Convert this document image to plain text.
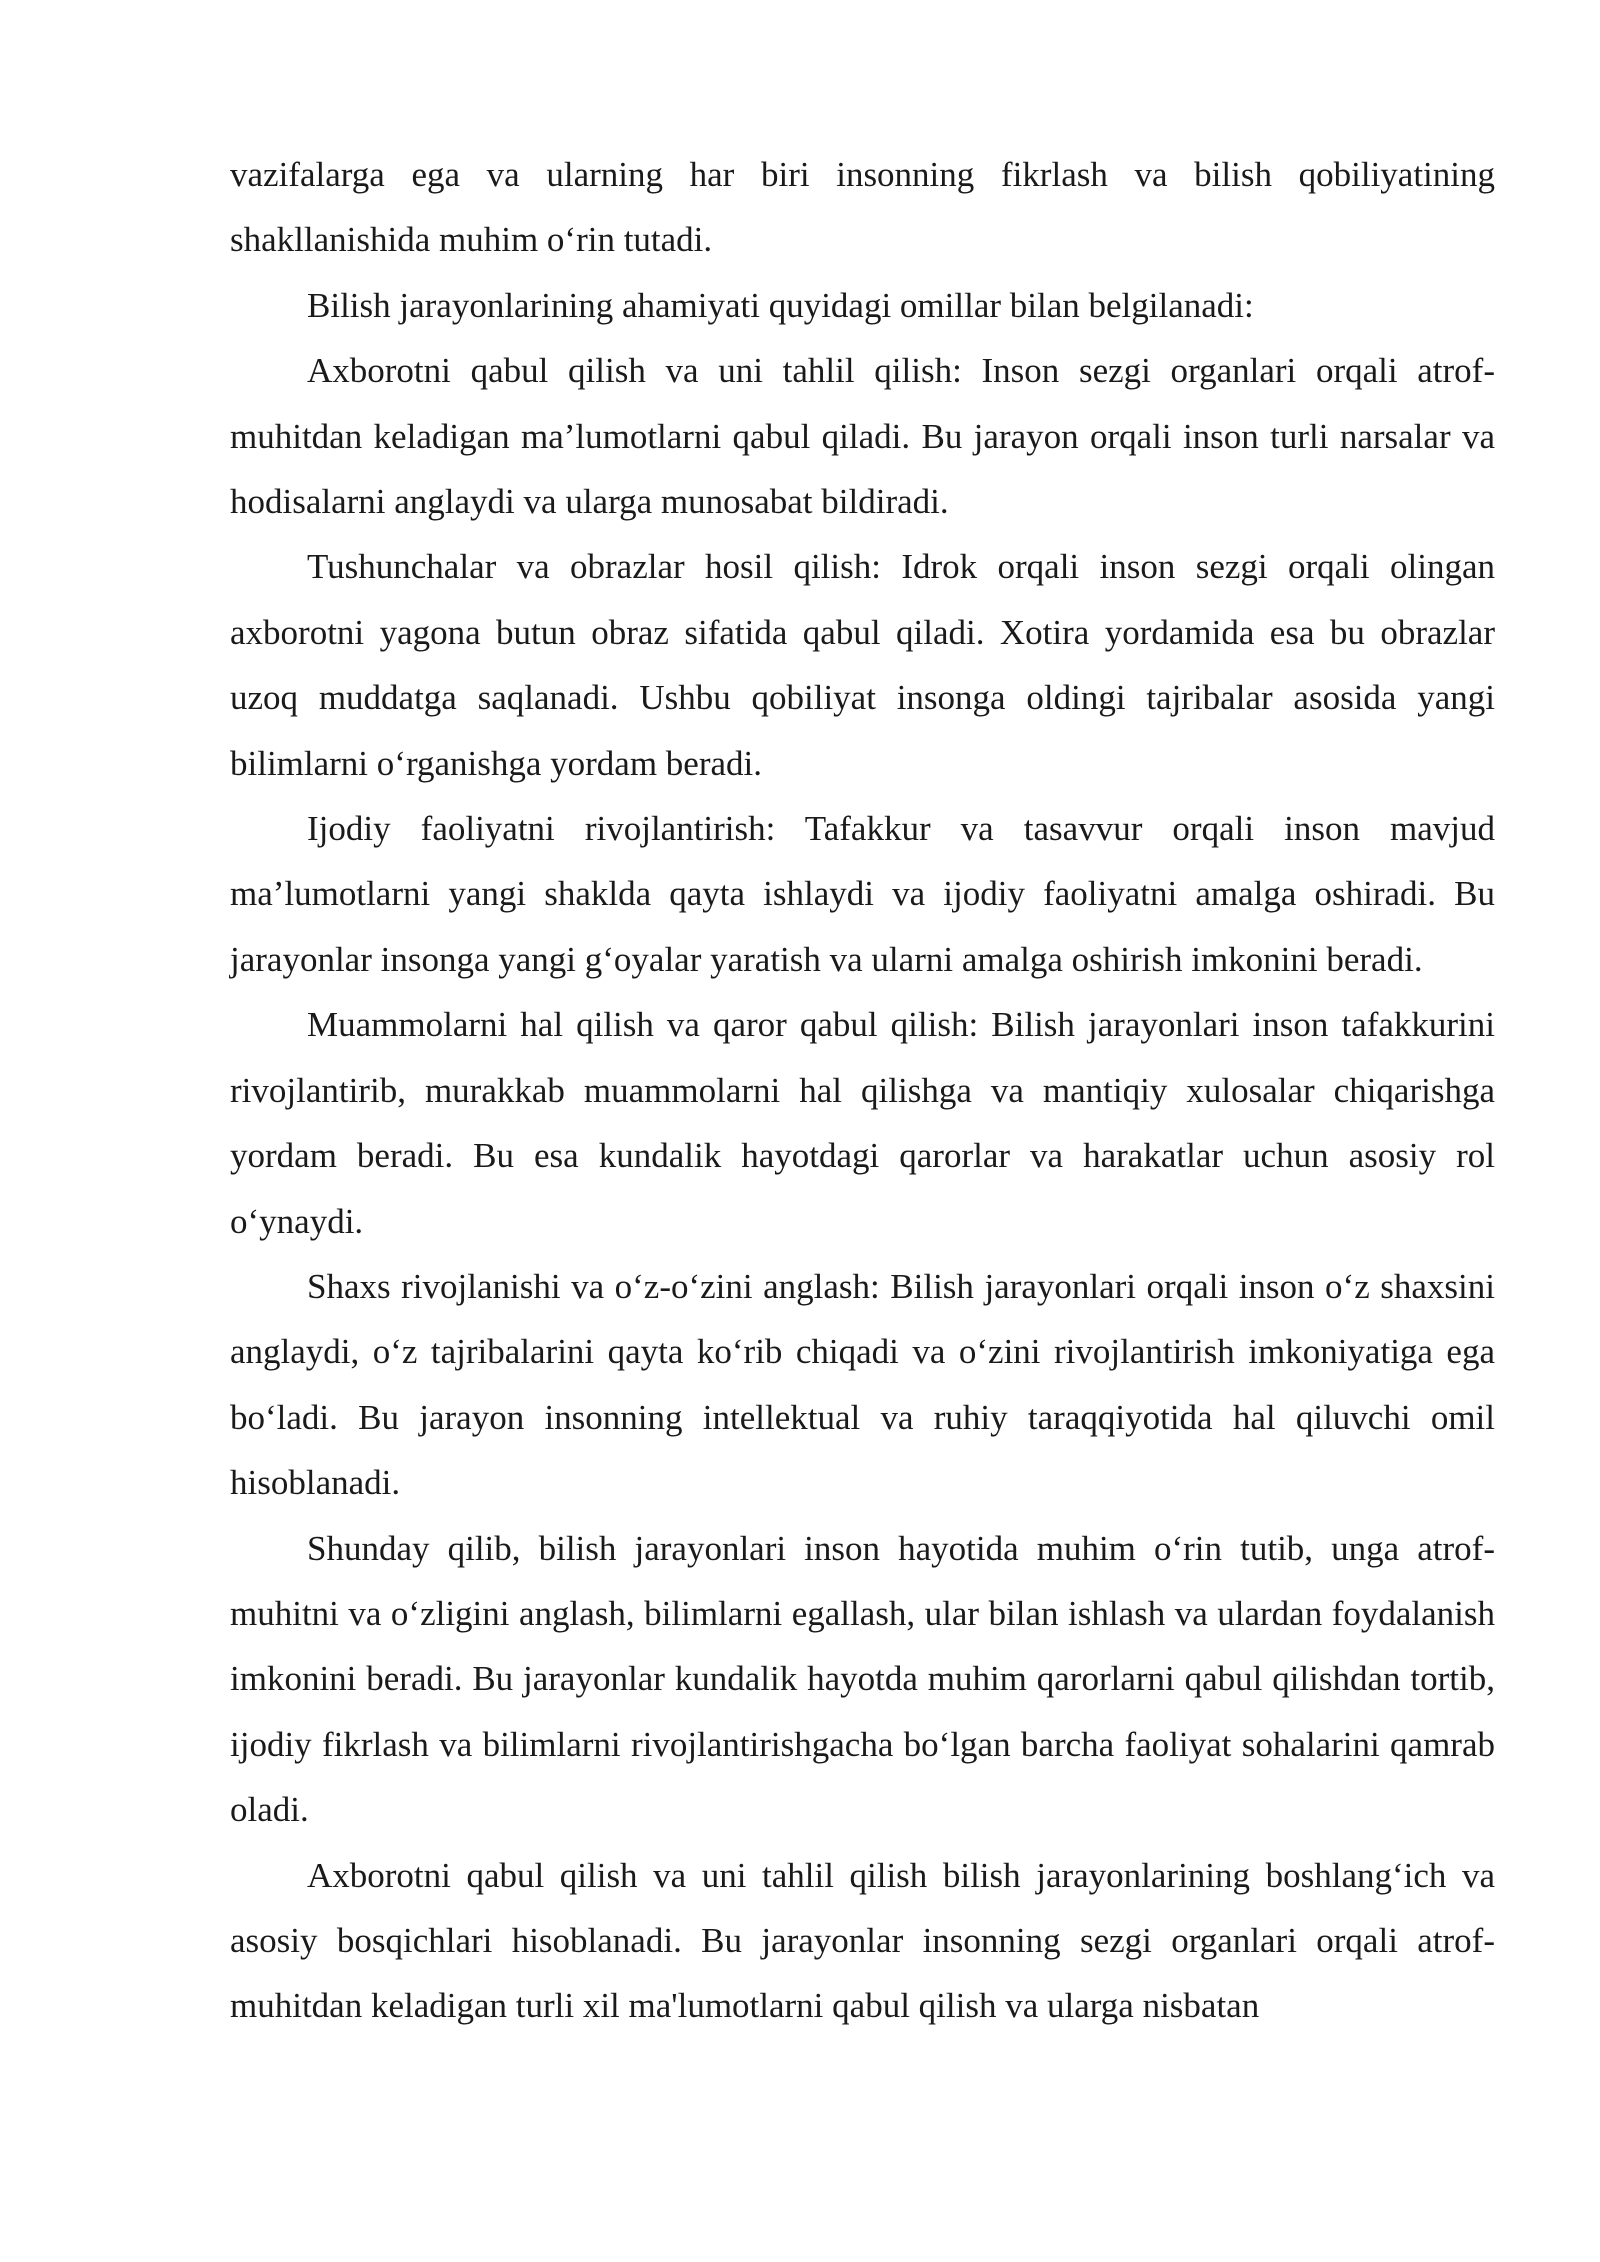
vazifalarga ega va ularning har biri insonning fikrlash va bilish qobiliyatining shakllanishida muhim o‘rin tutadi.

Bilish jarayonlarining ahamiyati quyidagi omillar bilan belgilanadi:

Axborotni qabul qilish va uni tahlil qilish: Inson sezgi organlari orqali atrof-muhitdan keladigan ma’lumotlarni qabul qiladi. Bu jarayon orqali inson turli narsalar va hodisalarni anglaydi va ularga munosabat bildiradi.

Tushunchalar va obrazlar hosil qilish: Idrok orqali inson sezgi orqali olingan axborotni yagona butun obraz sifatida qabul qiladi. Xotira yordamida esa bu obrazlar uzoq muddatga saqlanadi. Ushbu qobiliyat insonga oldingi tajribalar asosida yangi bilimlarni o‘rganishga yordam beradi.

Ijodiy faoliyatni rivojlantirish: Tafakkur va tasavvur orqali inson mavjud ma’lumotlarni yangi shaklda qayta ishlaydi va ijodiy faoliyatni amalga oshiradi. Bu jarayonlar insonga yangi g‘oyalar yaratish va ularni amalga oshirish imkonini beradi.

Muammolarni hal qilish va qaror qabul qilish: Bilish jarayonlari inson tafakkurini rivojlantirib, murakkab muammolarni hal qilishga va mantiqiy xulosalar chiqarishga yordam beradi. Bu esa kundalik hayotdagi qarorlar va harakatlar uchun asosiy rol o‘ynaydi.

Shaxs rivojlanishi va o‘z-o‘zini anglash: Bilish jarayonlari orqali inson o‘z shaxsini anglaydi, o‘z tajribalarini qayta ko‘rib chiqadi va o‘zini rivojlantirish imkoniyatiga ega bo‘ladi. Bu jarayon insonning intellektual va ruhiy taraqqiyotida hal qiluvchi omil hisoblanadi.

Shunday qilib, bilish jarayonlari inson hayotida muhim o‘rin tutib, unga atrof-muhitni va o‘zligini anglash, bilimlarni egallash, ular bilan ishlash va ulardan foydalanish imkonini beradi. Bu jarayonlar kundalik hayotda muhim qarorlarni qabul qilishdan tortib, ijodiy fikrlash va bilimlarni rivojlantirishgacha bo‘lgan barcha faoliyat sohalarini qamrab oladi.

Axborotni qabul qilish va uni tahlil qilish bilish jarayonlarining boshlang‘ich va asosiy bosqichlari hisoblanadi. Bu jarayonlar insonning sezgi organlari orqali atrof-muhitdan keladigan turli xil ma'lumotlarni qabul qilish va ularga nisbatan
